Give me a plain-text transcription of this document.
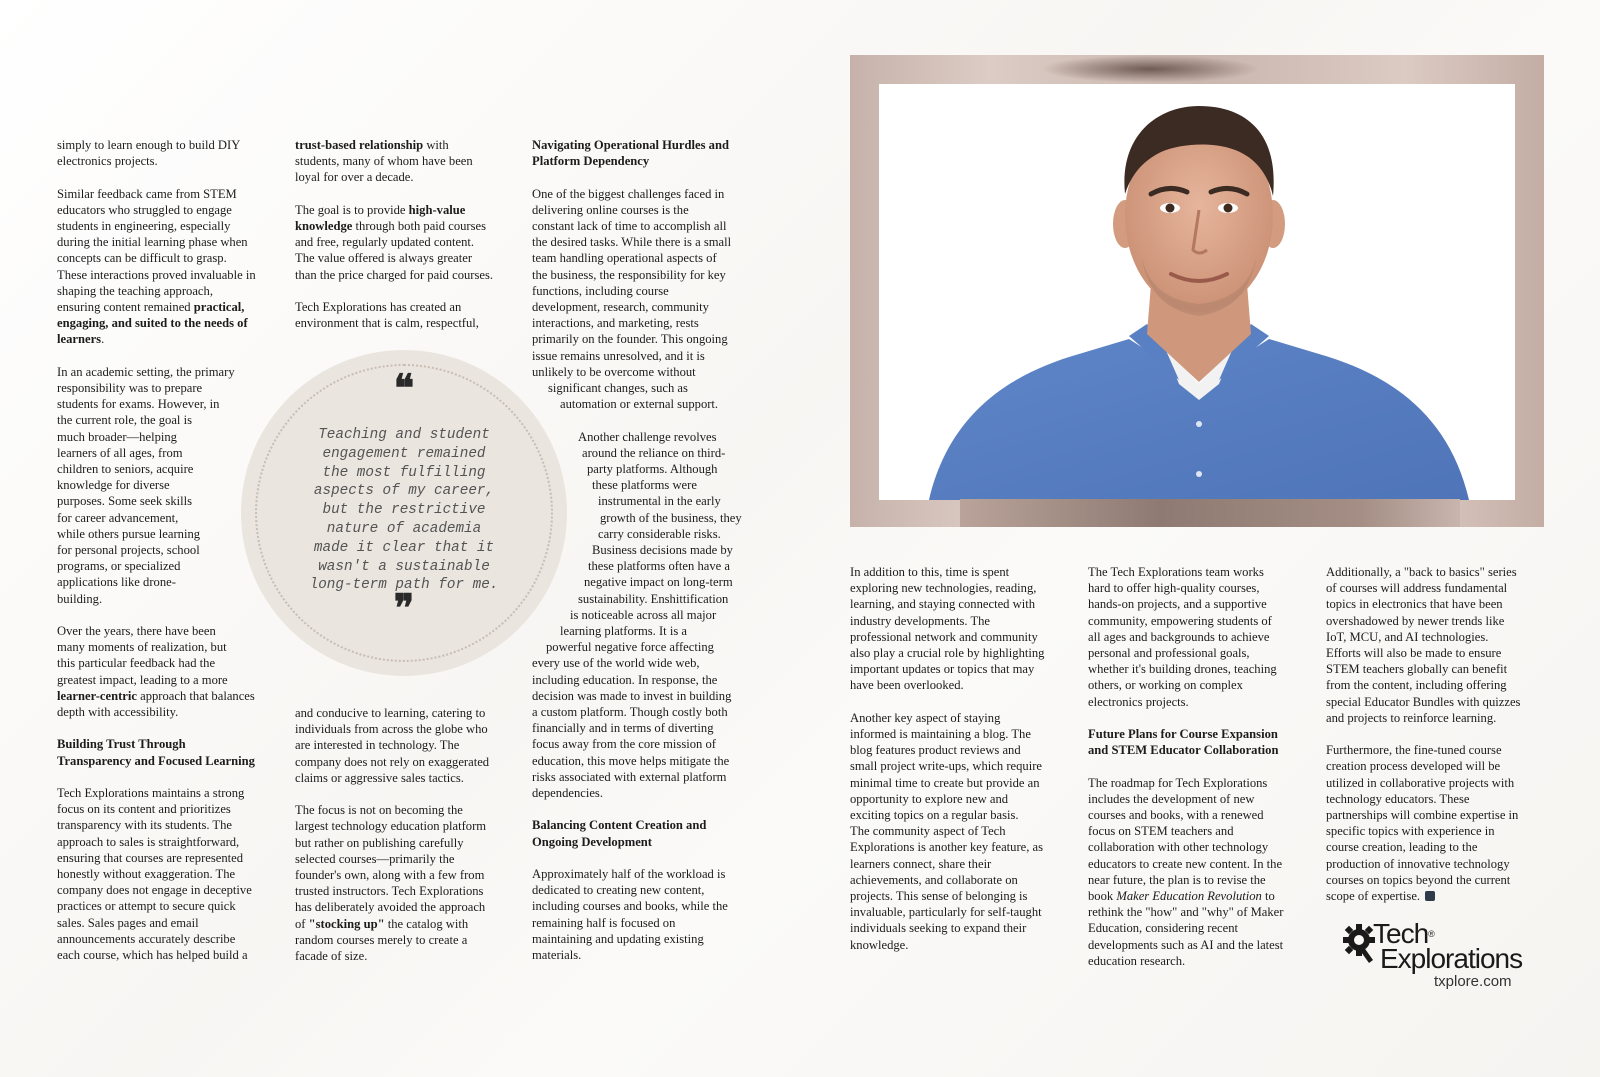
simply to learn enough to build DIY
electronics projects.

Similar feedback came from STEM
educators who struggled to engage
students in engineering, especially
during the initial learning phase when
concepts can be difficult to grasp.
These interactions proved invaluable in
shaping the teaching approach,
ensuring content remained practical,
engaging, and suited to the needs of
learners.

In an academic setting, the primary
responsibility was to prepare
students for exams. However, in
the current role, the goal is
much broader—helping
learners of all ages, from
children to seniors, acquire
knowledge for diverse
purposes. Some seek skills
for career advancement,
while others pursue learning
for personal projects, school
programs, or specialized
applications like drone-
building.

Over the years, there have been
many moments of realization, but
this particular feedback had the
greatest impact, leading to a more
learner-centric approach that balances
depth with accessibility.

Building Trust Through
Transparency and Focused Learning

Tech Explorations maintains a strong
focus on its content and prioritizes
transparency with its students. The
approach to sales is straightforward,
ensuring that courses are represented
honestly without exaggeration. The
company does not engage in deceptive
practices or attempt to secure quick
sales. Sales pages and email
announcements accurately describe
each course, which has helped build a

trust-based relationship with
students, many of whom have been
loyal for over a decade.

The goal is to provide high-value
knowledge through both paid courses
and free, regularly updated content.
The value offered is always greater
than the price charged for paid courses.

Tech Explorations has created an
environment that is calm, respectful,

and conducive to learning, catering to
individuals from across the globe who
are interested in technology. The
company does not rely on exaggerated
claims or aggressive sales tactics.

The focus is not on becoming the
largest technology education platform
but rather on publishing carefully
selected courses—primarily the
founder's own, along with a few from
trusted instructors. Tech Explorations
has deliberately avoided the approach
of "stocking up" the catalog with
random courses merely to create a
facade of size.

❝
Teaching and student
engagement remained
the most fulfilling
aspects of my career,
but the restrictive
nature of academia
made it clear that it
wasn't a sustainable
long-term path for me.
❞
Navigating Operational Hurdles and
Platform Dependency

One of the biggest challenges faced in
delivering online courses is the
constant lack of time to accomplish all
the desired tasks. While there is a small
team handling operational aspects of
the business, the responsibility for key
functions, including course
development, research, community
interactions, and marketing, rests
primarily on the founder. This ongoing
issue remains unresolved, and it is
unlikely to be overcome without
significant changes, such as
automation or external support.

Another challenge revolves
around the reliance on third-
party platforms. Although
these platforms were
instrumental in the early
growth of the business, they
carry considerable risks.
Business decisions made by
these platforms often have a
negative impact on long-term
sustainability. Enshittification
is noticeable across all major
learning platforms. It is a
powerful negative force affecting
every use of the world wide web,
including education. In response, the
decision was made to invest in building
a custom platform. Though costly both
financially and in terms of diverting
focus away from the core mission of
education, this move helps mitigate the
risks associated with external platform
dependencies.

Balancing Content Creation and
Ongoing Development

Approximately half of the workload is
dedicated to creating new content,
including courses and books, while the
remaining half is focused on
maintaining and updating existing
materials.

In addition to this, time is spent
exploring new technologies, reading,
learning, and staying connected with
industry developments. The
professional network and community
also play a crucial role by highlighting
important updates or topics that may
have been overlooked.

Another key aspect of staying
informed is maintaining a blog. The
blog features product reviews and
small project write-ups, which require
minimal time to create but provide an
opportunity to explore new and
exciting topics on a regular basis.
The community aspect of Tech
Explorations is another key feature, as
learners connect, share their
achievements, and collaborate on
projects. This sense of belonging is
invaluable, particularly for self-taught
individuals seeking to expand their
knowledge.

The Tech Explorations team works
hard to offer high-quality courses,
hands-on projects, and a supportive
community, empowering students of
all ages and backgrounds to achieve
personal and professional goals,
whether it's building drones, teaching
others, or working on complex
electronics projects.

Future Plans for Course Expansion
and STEM Educator Collaboration

The roadmap for Tech Explorations
includes the development of new
courses and books, with a renewed
focus on STEM teachers and
collaboration with other technology
educators to create new content. In the
near future, the plan is to revise the
book Maker Education Revolution to
rethink the "how" and "why" of Maker
Education, considering recent
developments such as AI and the latest
education research.

Additionally, a "back to basics" series
of courses will address fundamental
topics in electronics that have been
overshadowed by newer trends like
IoT, MCU, and AI technologies.
Efforts will also be made to ensure
STEM teachers globally can benefit
from the content, including offering
special Educator Bundles with quizzes
and projects to reinforce learning.

Furthermore, the fine-tuned course
creation process developed will be
utilized in collaborative projects with
technology educators. These
partnerships will combine expertise in
specific topics with experience in
course creation, leading to the
production of innovative technology
courses on topics beyond the current
scope of expertise.

Tech®
Explorations
txplore.com
